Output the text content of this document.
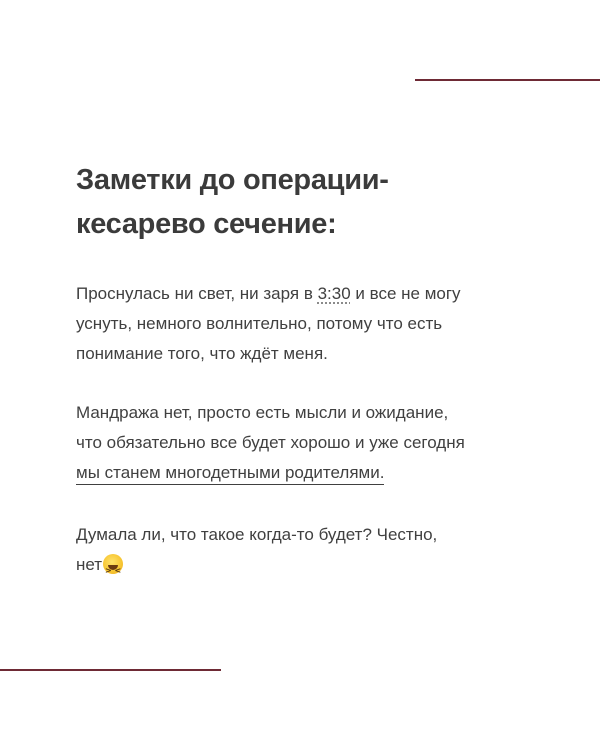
Заметки до операции-
кесарево сечение:

Проснулась ни свет, ни заря в 3:30 и все не могу
уснуть, немного волнительно, потому что есть
понимание того, что ждёт меня.

Мандража нет, просто есть мысли и ожидание,
что обязательно все будет хорошо и уже сегодня
мы станем многодетными родителями.

Думала ли, что такое когда-то будет? Честно,
нет> <
